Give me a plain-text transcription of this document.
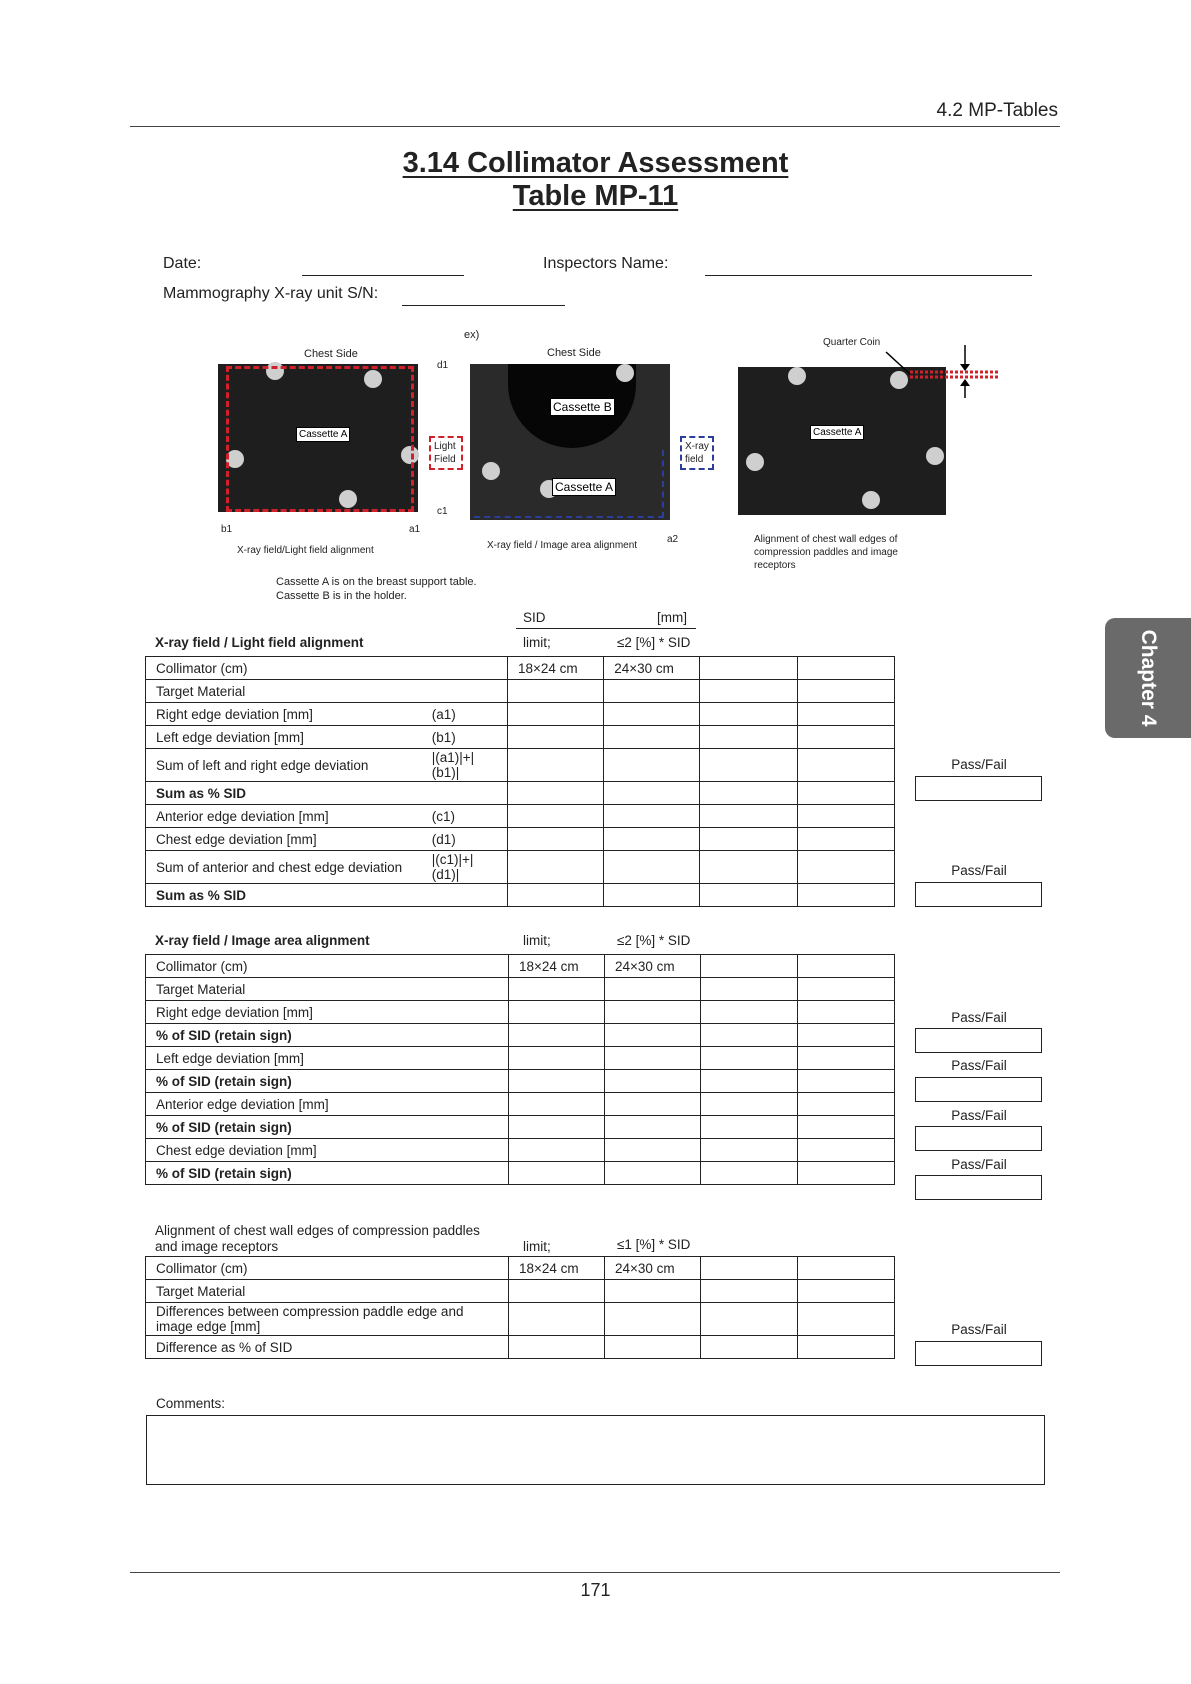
4.2 MP-Tables
3.14 Collimator Assessment
Table MP-11
Chapter 4
Date:	Inspectors Name:
Mammography X-ray unit S/N:
ex)
Chest Side
Cassette A
d1
c1
b1	a1
Light
Field
X-ray field/Light field alignment
Chest Side
Cassette B
Cassette A
X-ray
field
a2
X-ray field / Image area alignment
Quarter Coin
Cassette A
Alignment of chest wall edges of
compression paddles and image
receptors
Cassette A is on the breast support table.
Cassette B is in the holder.
SID	[mm]
X-ray field / Light field alignment	limit;	≤2 [%] * SID
Collimator (cm)		18×24 cm	24×30 cm		
Target Material					
Right edge deviation [mm]	(a1)				
Left edge deviation [mm]	(b1)				
Sum of left and right edge deviation	|(a1)|+|(b1)|				
Sum as % SID					
Anterior edge deviation [mm]	(c1)				
Chest edge deviation [mm]	(d1)				
Sum of anterior and chest edge deviation	|(c1)|+|(d1)|				
Sum as % SID					
Pass/Fail
Pass/Fail
X-ray field / Image area alignment	limit;	≤2 [%] * SID
Collimator (cm)	18×24 cm	24×30 cm		
Target Material				
Right edge deviation [mm]				
% of SID (retain sign)				
Left edge deviation [mm]				
% of SID (retain sign)				
Anterior edge deviation [mm]				
% of SID (retain sign)				
Chest edge deviation [mm]				
% of SID (retain sign)				
Pass/Fail
Pass/Fail
Pass/Fail
Pass/Fail
Alignment of chest wall edges of compression paddles and image receptors	limit;	≤1 [%] * SID
Collimator (cm)	18×24 cm	24×30 cm		
Target Material				
Differences between compression paddle edge and image edge [mm]				
Difference as % of SID				
Pass/Fail
Comments:
171
